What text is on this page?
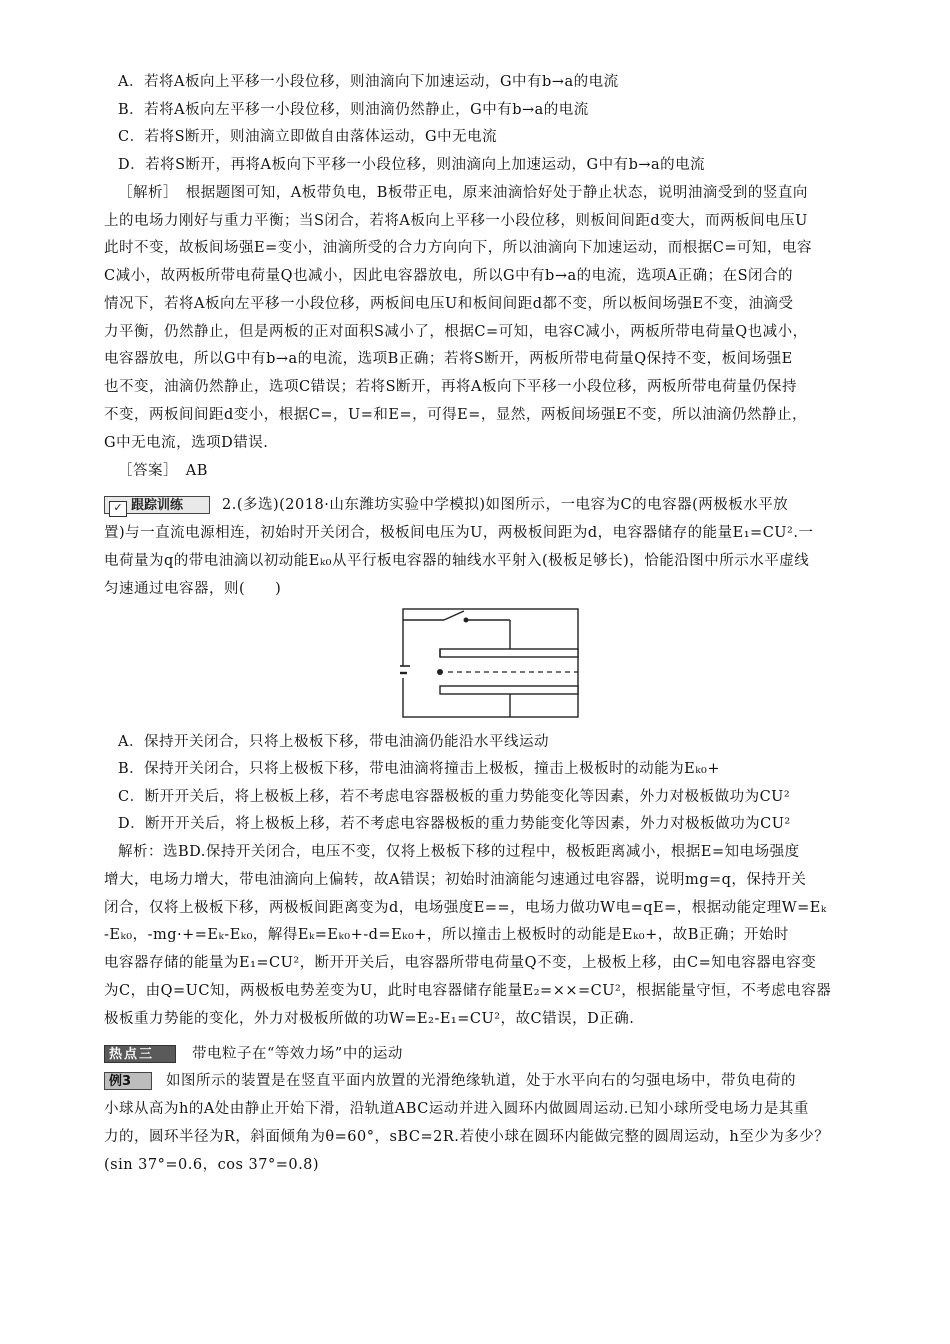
A．若将A板向上平移一小段位移，则油滴向下加速运动，G中有b→a的电流
B．若将A板向左平移一小段位移，则油滴仍然静止，G中有b→a的电流
C．若将S断开，则油滴立即做自由落体运动，G中无电流
D．若将S断开，再将A板向下平移一小段位移，则油滴向上加速运动，G中有b→a的电流
［解析］　根据题图可知，A板带负电，B板带正电，原来油滴恰好处于静止状态，说明油滴受到的竖直向
上的电场力刚好与重力平衡；当S闭合，若将A板向上平移一小段位移，则板间间距d变大，而两板间电压U
此时不变，故板间场强E=变小，油滴所受的合力方向向下，所以油滴向下加速运动，而根据C=可知，电容
C减小，故两板所带电荷量Q也减小，因此电容器放电，所以G中有b→a的电流，选项A正确；在S闭合的
情况下，若将A板向左平移一小段位移，两板间电压U和板间间距d都不变，所以板间场强E不变，油滴受
力平衡，仍然静止，但是两板的正对面积S减小了，根据C=可知，电容C减小，两板所带电荷量Q也减小，
电容器放电，所以G中有b→a的电流，选项B正确；若将S断开，两板所带电荷量Q保持不变，板间场强E
也不变，油滴仍然静止，选项C错误；若将S断开，再将A板向下平移一小段位移，两板所带电荷量仍保持
不变，两板间间距d变小，根据C=，U=和E=，可得E=，显然，两板间场强E不变，所以油滴仍然静止，
G中无电流，选项D错误.
［答案］　AB
✓ 跟踪训练	2.(多选)(2018·山东潍坊实验中学模拟)如图所示，一电容为C的电容器(两极板水平放
置)与一直流电源相连，初始时开关闭合，极板间电压为U，两极板间距为d，电容器储存的能量E₁=CU².一
电荷量为q的带电油滴以初动能Eₖ₀从平行板电容器的轴线水平射入(极板足够长)，恰能沿图中所示水平虚线
匀速通过电容器，则(　　)
A．保持开关闭合，只将上极板下移，带电油滴仍能沿水平线运动
B．保持开关闭合，只将上极板下移，带电油滴将撞击上极板，撞击上极板时的动能为Eₖ₀+
C．断开开关后，将上极板上移，若不考虑电容器极板的重力势能变化等因素，外力对极板做功为CU²
D．断开开关后，将上极板上移，若不考虑电容器极板的重力势能变化等因素，外力对极板做功为CU²
解析：选BD.保持开关闭合，电压不变，仅将上极板下移的过程中，极板距离减小，根据E=知电场强度
增大，电场力增大，带电油滴向上偏转，故A错误；初始时油滴能匀速通过电容器，说明mg=q，保持开关
闭合，仅将上极板下移，两极板间距离变为d，电场强度E==，电场力做功W电=qE=，根据动能定理W=Eₖ
-Eₖ₀，-mg·+=Eₖ-Eₖ₀，解得Eₖ=Eₖ₀+-d=Eₖ₀+，所以撞击上极板时的动能是Eₖ₀+，故B正确；开始时
电容器存储的能量为E₁=CU²，断开开关后，电容器所带电荷量Q不变，上极板上移，由C=知电容器电容变
为C，由Q=UC知，两极板电势差变为U，此时电容器储存能量E₂=××=CU²，根据能量守恒，不考虑电容器
极板重力势能的变化，外力对极板所做的功W=E₂-E₁=CU²，故C错误，D正确.
热点三	带电粒子在“等效力场”中的运动
例3	如图所示的装置是在竖直平面内放置的光滑绝缘轨道，处于水平向右的匀强电场中，带负电荷的
小球从高为h的A处由静止开始下滑，沿轨道ABC运动并进入圆环内做圆周运动.已知小球所受电场力是其重
力的，圆环半径为R，斜面倾角为θ=60°，sBC=2R.若使小球在圆环内能做完整的圆周运动，h至少为多少？
(sin 37°=0.6，cos 37°=0.8)
